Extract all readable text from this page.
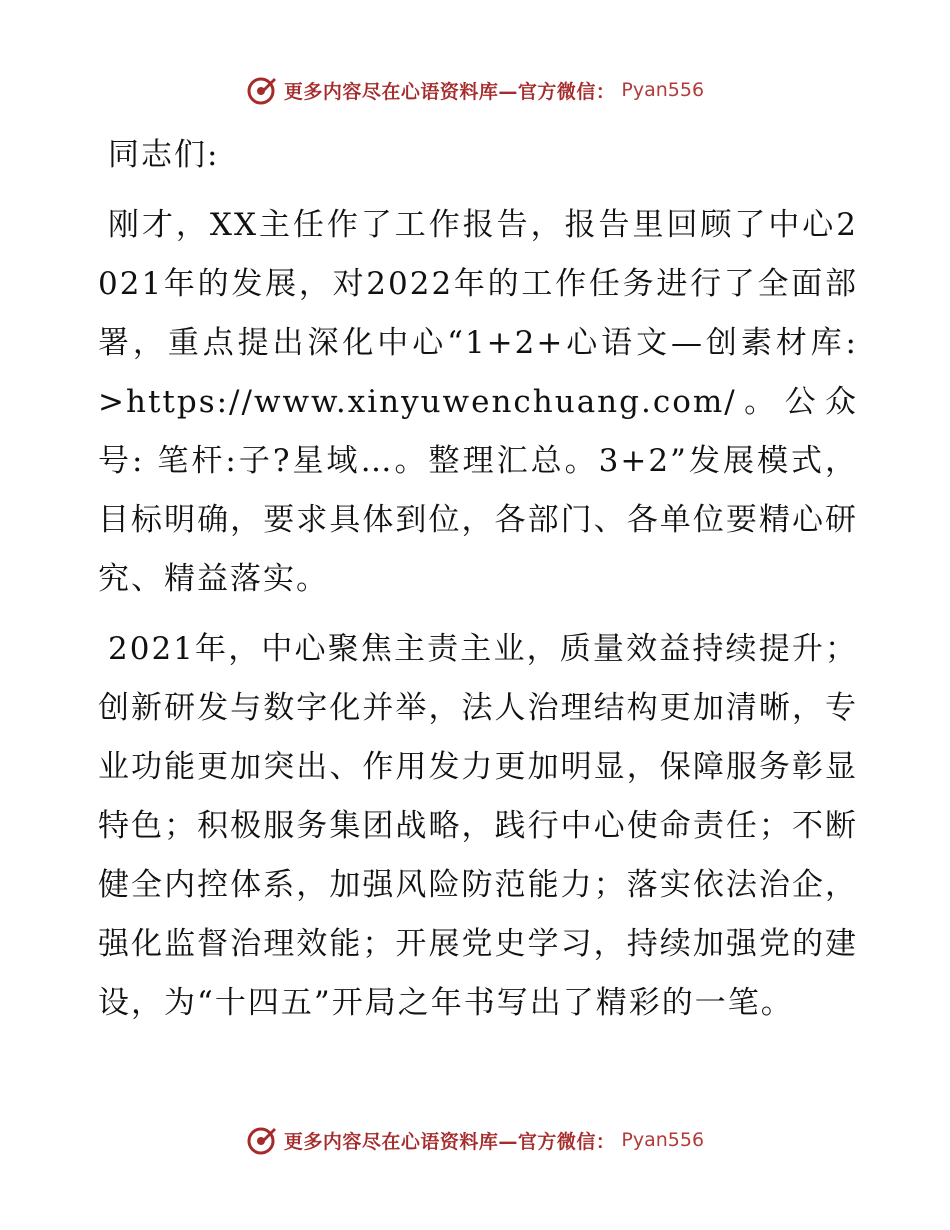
更多内容尽在心语资料库—官方微信： Pyan556

同志们:

刚才，XX主任作了工作报告，报告里回顾了中心2021年的发展，对2022年的工作任务进行了全面部署，重点提出深化中心“1+2+心语文—创素材库: >https://www.xinyuwenchuang.com/。公众号: 笔杆:子?星域…。整理汇总。3+2”发展模式，目标明确，要求具体到位，各部门、各单位要精心研究、精益落实。

2021年，中心聚焦主责主业，质量效益持续提升；创新研发与数字化并举，法人治理结构更加清晰，专业功能更加突出、作用发力更加明显，保障服务彰显特色；积极服务集团战略，践行中心使命责任；不断健全内控体系，加强风险防范能力；落实依法治企，强化监督治理效能；开展党史学习，持续加强党的建设，为“十四五”开局之年书写出了精彩的一笔。

更多内容尽在心语资料库—官方微信： Pyan556
